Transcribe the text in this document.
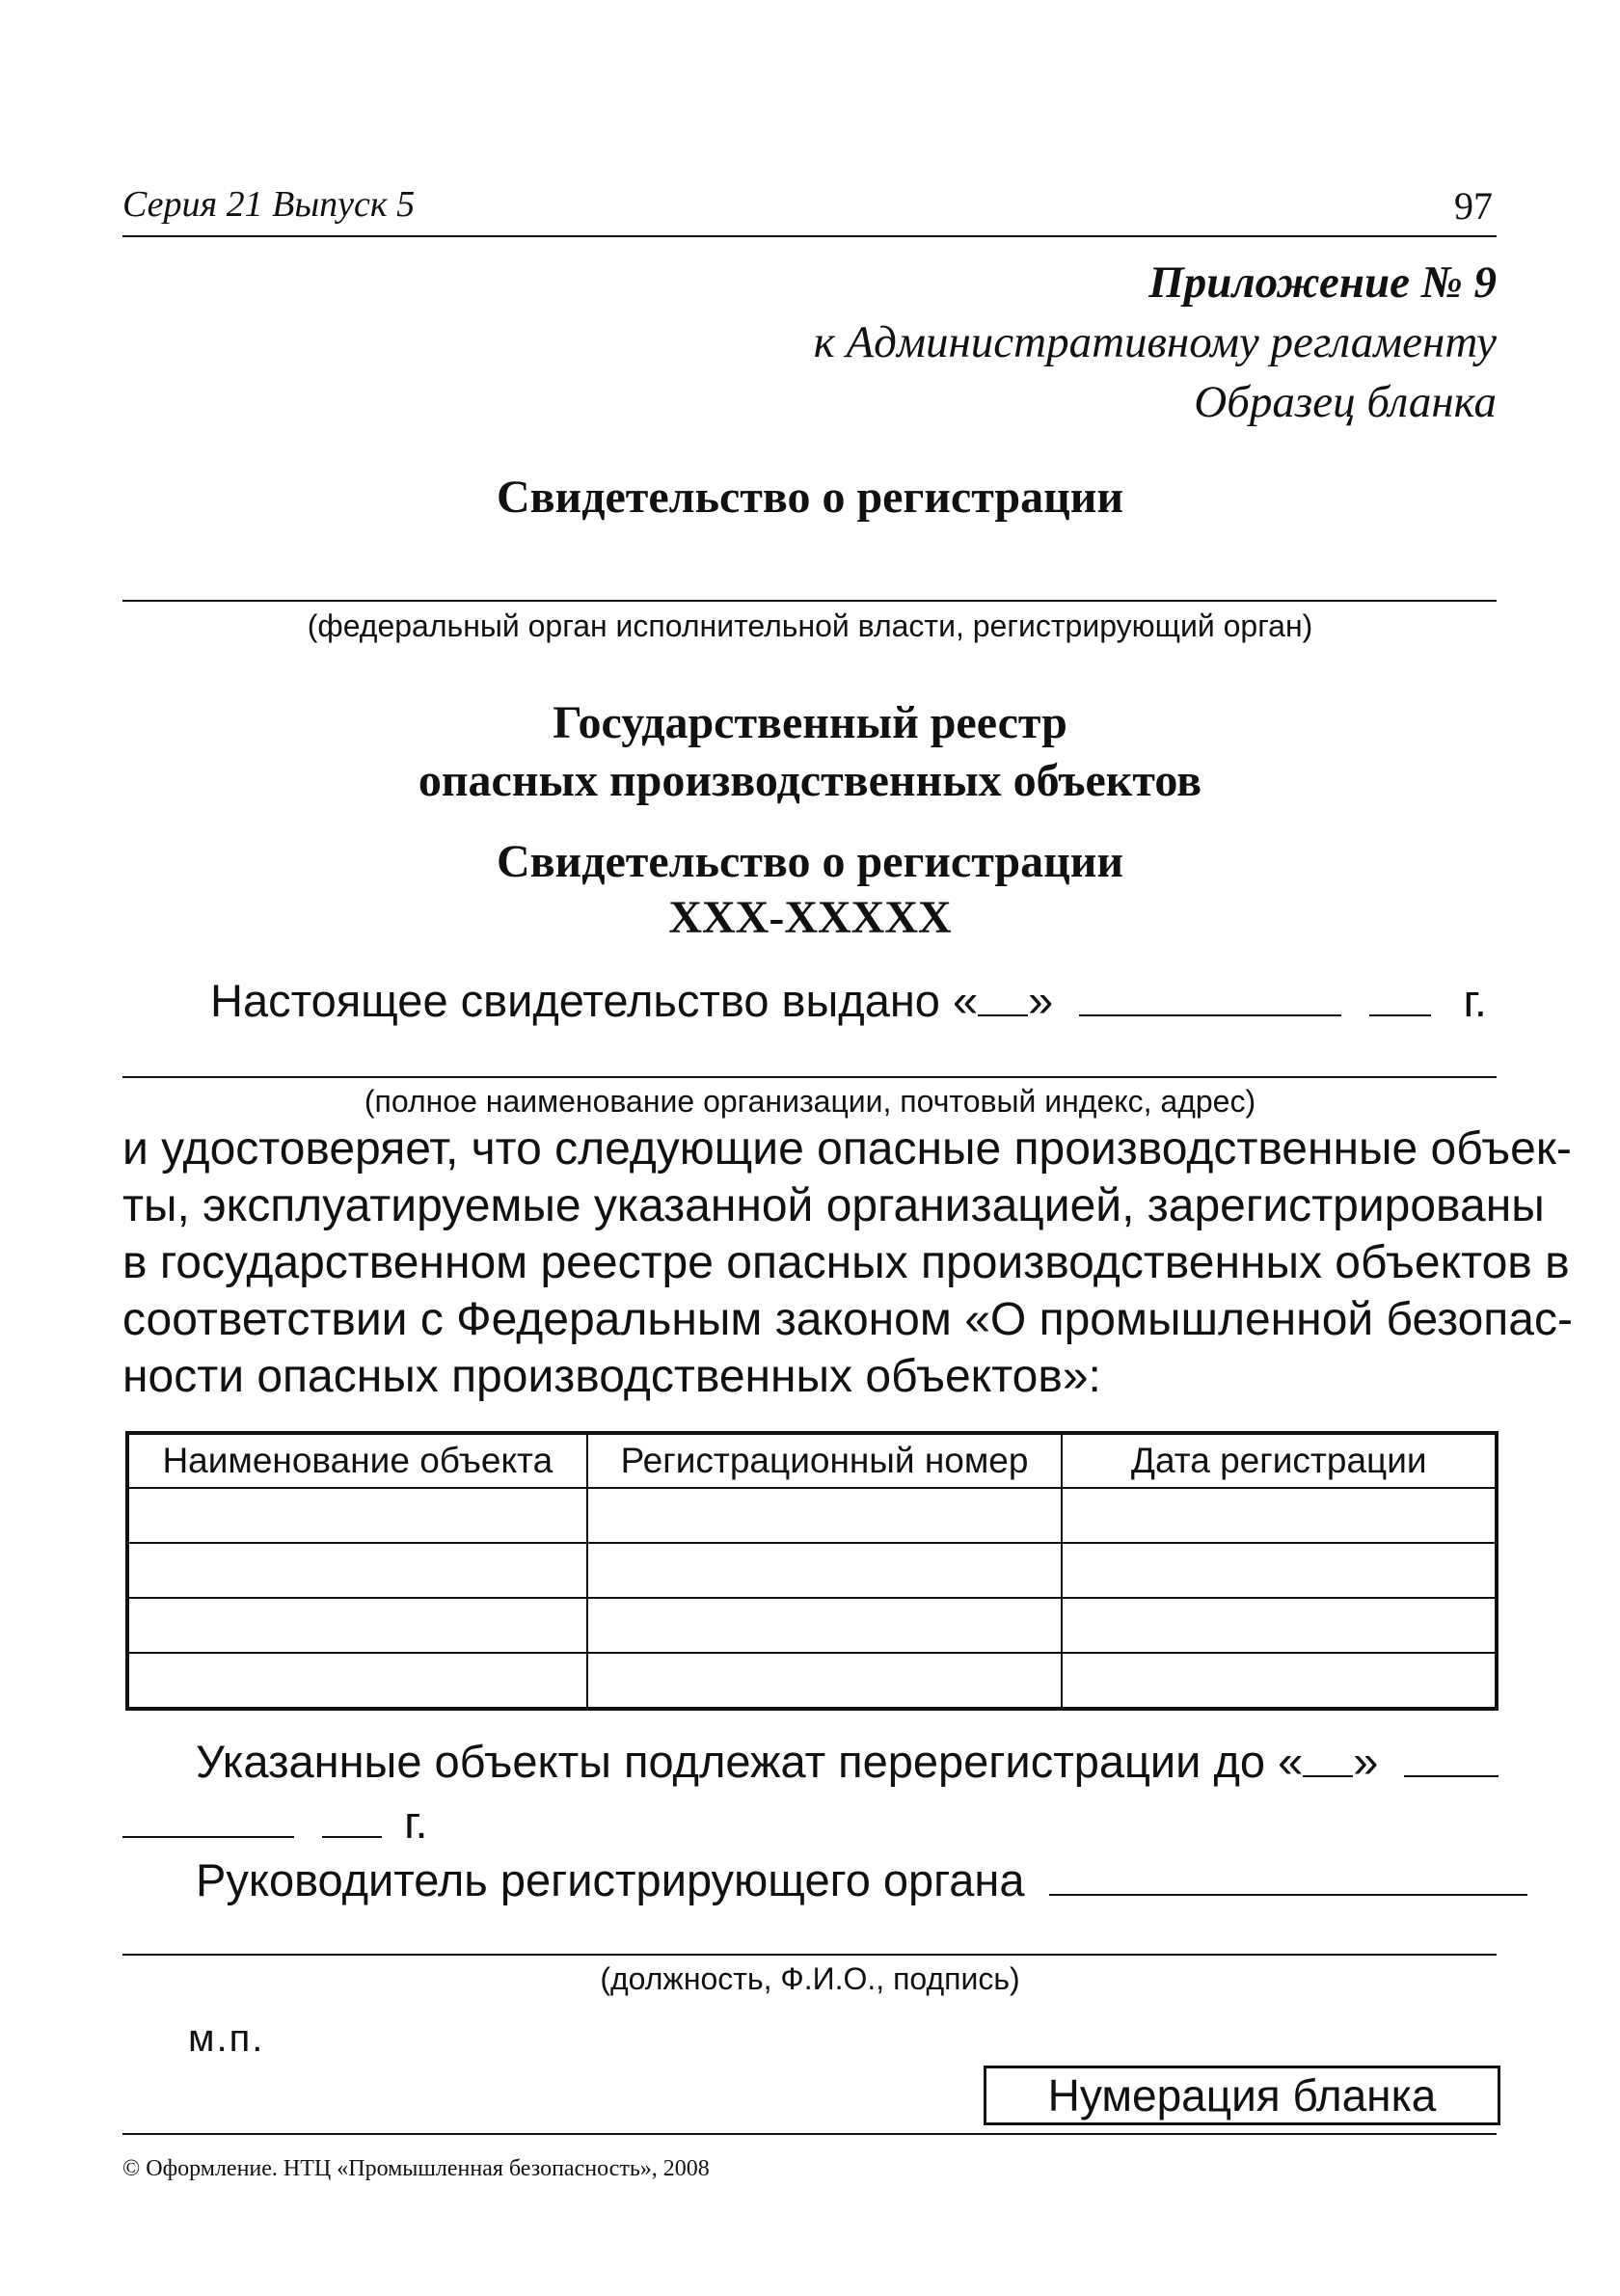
Серия 21 Выпуск 5	97
Приложение № 9
к Административному регламенту
Образец бланка
Свидетельство о регистрации
(федеральный орган исполнительной власти, регистрирующий орган)
Государственный реестр
опасных производственных объектов
Свидетельство о регистрации
XXX-XXXXX
Настоящее свидетельство выдано « »	г.
(полное наименование организации, почтовый индекс, адрес)
и удостоверяет, что следующие опасные производственные объек-
ты, эксплуатируемые указанной организацией, зарегистрированы
в государственном реестре опасных производственных объектов в
соответствии с Федеральным законом «О промышленной безопас-
ности опасных производственных объектов»:
Наименование объекта	Регистрационный номер	Дата регистрации

Указанные объекты подлежат перерегистрации до « »
г.
Руководитель регистрирующего органа
(должность, Ф.И.О., подпись)
м.п.
Нумерация бланка
© Оформление. НТЦ «Промышленная безопасность», 2008
